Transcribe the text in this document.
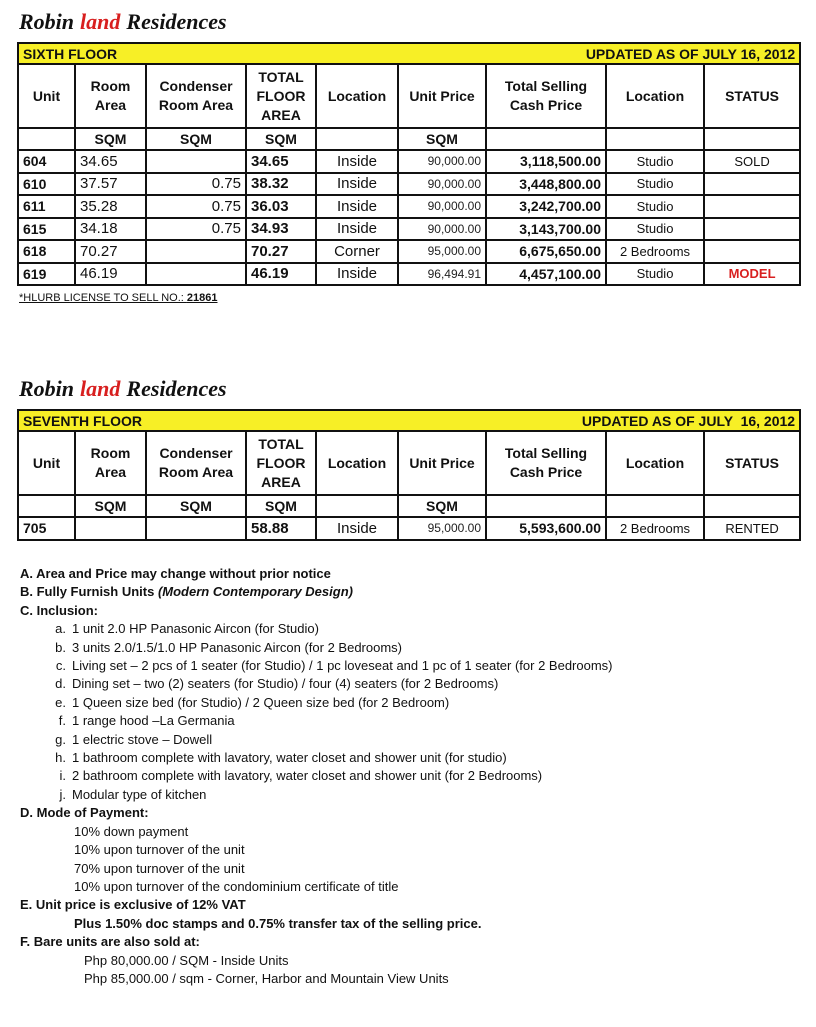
Robin land Residences
SIXTH FLOOR UPDATED AS OF JULY 16, 2012								

Unit	Room Area	Condenser Room Area	TOTAL FLOOR AREA	Location	Unit Price	Total Selling Cash Price	Location	STATUS
	SQM	SQM	SQM		SQM			
604	34.65		34.65	Inside	90,000.00	3,118,500.00	Studio	SOLD
610	37.57	0.75	38.32	Inside	90,000.00	3,448,800.00	Studio	
611	35.28	0.75	36.03	Inside	90,000.00	3,242,700.00	Studio	
615	34.18	0.75	34.93	Inside	90,000.00	3,143,700.00	Studio	
618	70.27		70.27	Corner	95,000.00	6,675,650.00	2 Bedrooms	
619	46.19		46.19	Inside	96,494.91	4,457,100.00	Studio	MODEL
*HLURB LICENSE TO SELL NO.: 21861
Robin land Residences
SEVENTH FLOOR UPDATED AS OF JULY  16, 2012								

Unit	Room Area	Condenser Room Area	TOTAL FLOOR AREA	Location	Unit Price	Total Selling Cash Price	Location	STATUS
	SQM	SQM	SQM		SQM			
705			58.88	Inside	95,000.00	5,593,600.00	2 Bedrooms	RENTED
A. Area and Price may change without prior notice
B. Fully Furnish Units (Modern Contemporary Design)
C. Inclusion:
a. 1 unit 2.0 HP Panasonic Aircon (for Studio)
b. 3 units 2.0/1.5/1.0 HP Panasonic Aircon (for 2 Bedrooms)
c. Living set – 2 pcs of 1 seater (for Studio) / 1 pc loveseat and 1 pc of 1 seater (for 2 Bedrooms)
d. Dining set – two (2) seaters (for Studio) / four (4) seaters (for 2 Bedrooms)
e. 1 Queen size bed (for Studio) / 2 Queen size bed (for 2 Bedroom)
f. 1 range hood –La Germania
g. 1 electric stove – Dowell
h. 1 bathroom complete with lavatory, water closet and shower unit (for studio)
i. 2 bathroom complete with lavatory, water closet and shower unit (for 2 Bedrooms)
j. Modular type of kitchen
D. Mode of Payment:
10% down payment
10% upon turnover of the unit
70% upon turnover of the unit
10% upon turnover of the condominium certificate of title
E. Unit price is exclusive of 12% VAT
Plus 1.50% doc stamps and 0.75% transfer tax of the selling price.
F. Bare units are also sold at:
Php 80,000.00 / SQM - Inside Units
Php 85,000.00 / sqm - Corner, Harbor and Mountain View Units
